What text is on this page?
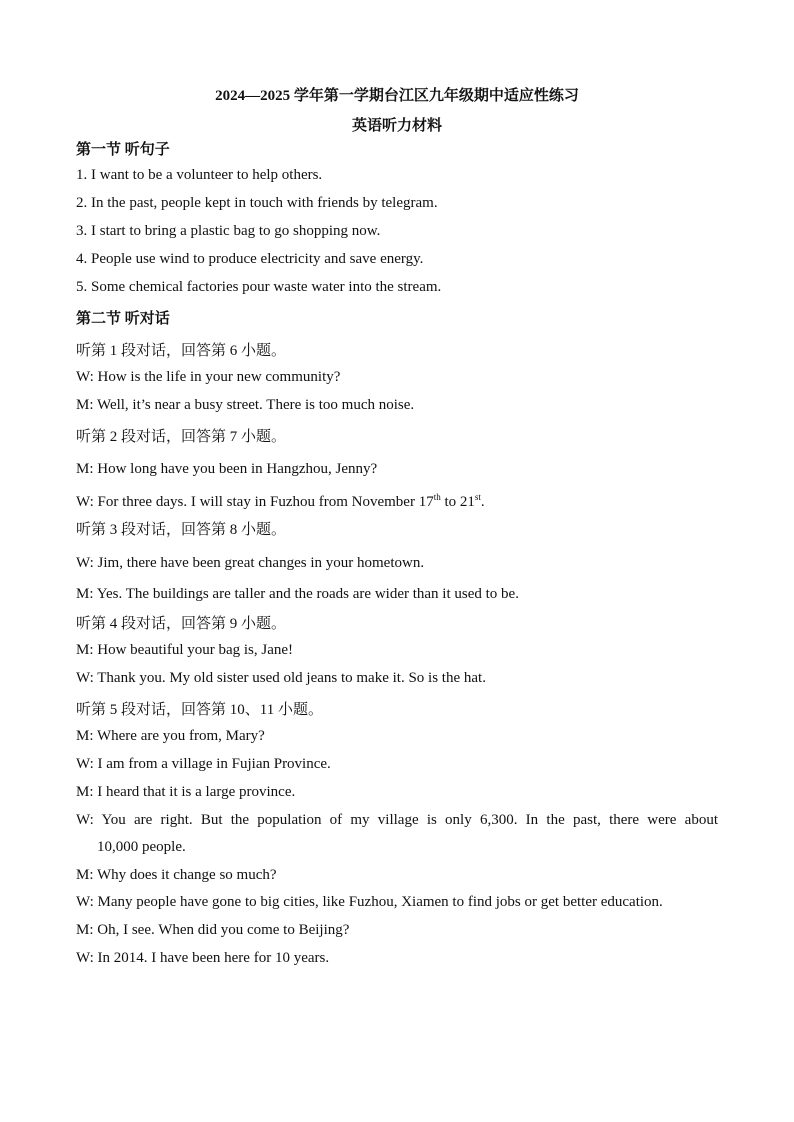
2024—2025 学年第一学期台江区九年级期中适应性练习
英语听力材料
第一节 听句子
1. I want to be a volunteer to help others.
2. In the past, people kept in touch with friends by telegram.
3. I start to bring a plastic bag to go shopping now.
4. People use wind to produce electricity and save energy.
5. Some chemical factories pour waste water into the stream.
第二节 听对话
听第 1 段对话，回答第 6 小题。
W: How is the life in your new community?
M: Well, it’s near a busy street. There is too much noise.
听第 2 段对话，回答第 7 小题。
M: How long have you been in Hangzhou, Jenny?
W: For three days. I will stay in Fuzhou from November 17th to 21st.
听第 3 段对话，回答第 8 小题。
W: Jim, there have been great changes in your hometown.
M: Yes. The buildings are taller and the roads are wider than it used to be.
听第 4 段对话，回答第 9 小题。
M: How beautiful your bag is, Jane!
W: Thank you. My old sister used old jeans to make it. So is the hat.
听第 5 段对话，回答第 10、11 小题。
M: Where are you from, Mary?
W: I am from a village in Fujian Province.
M: I heard that it is a large province.
W: You are right. But the population of my village is only 6,300. In the past, there were about
10,000 people.
M: Why does it change so much?
W: Many people have gone to big cities, like Fuzhou, Xiamen to find jobs or get better education.
M: Oh, I see. When did you come to Beijing?
W: In 2014. I have been here for 10 years.
